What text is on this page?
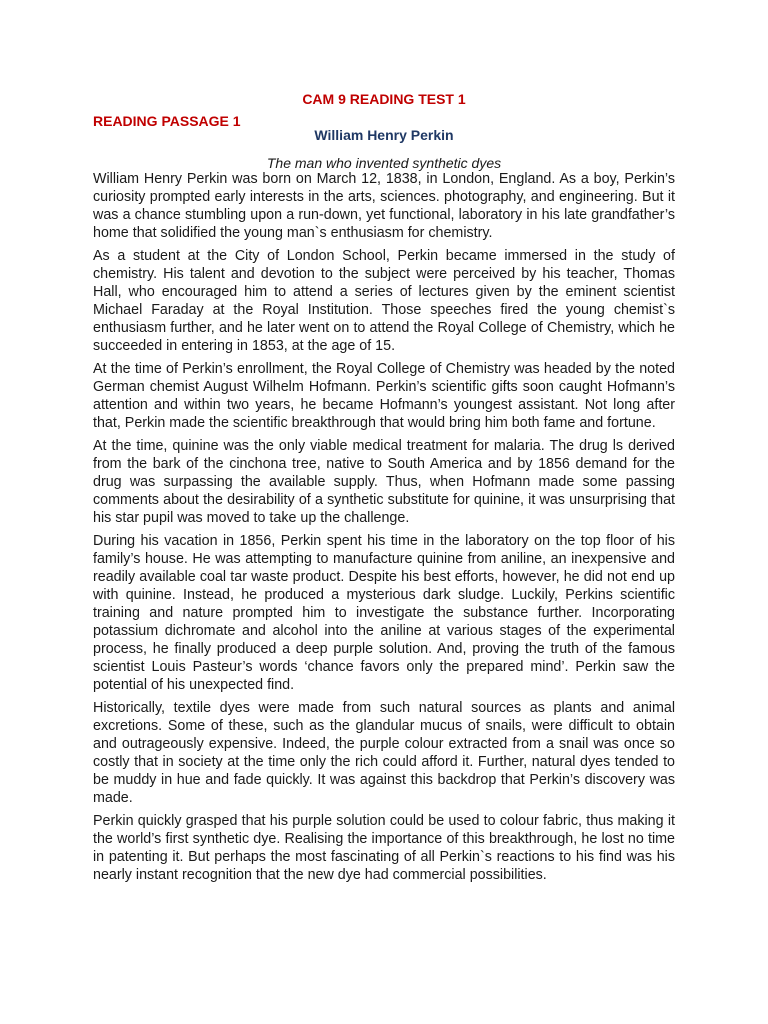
CAM 9 READING TEST 1
READING PASSAGE 1
William Henry Perkin
The man who invented synthetic dyes

William Henry Perkin was born on March 12, 1838, in London, England. As a boy, Perkin’s curiosity prompted early interests in the arts, sciences. photography, and engineering. But it was a chance stumbling upon a run-down, yet functional, laboratory in his late grandfather’s home that solidified the young man`s enthusiasm for chemistry.

As a student at the City of London School, Perkin became immersed in the study of chemistry. His talent and devotion to the subject were perceived by his teacher, Thomas Hall, who encouraged him to attend a series of lectures given by the eminent scientist Michael Faraday at the Royal Institution. Those speeches fired the young chemist`s enthusiasm further, and he later went on to attend the Royal College of Chemistry, which he succeeded in entering in 1853, at the age of 15.

At the time of Perkin’s enrollment, the Royal College of Chemistry was headed by the noted German chemist August Wilhelm Hofmann. Perkin’s scientific gifts soon caught Hofmann’s attention and within two years, he became Hofmann’s youngest assistant. Not long after that, Perkin made the scientific breakthrough that would bring him both fame and fortune.

At the time, quinine was the only viable medical treatment for malaria. The drug ls derived from the bark of the cinchona tree, native to South America and by 1856 demand for the drug was surpassing the available supply. Thus, when Hofmann made some passing comments about the desirability of a synthetic substitute for quinine, it was unsurprising that his star pupil was moved to take up the challenge.

During his vacation in 1856, Perkin spent his time in the laboratory on the top floor of his family’s house. He was attempting to manufacture quinine from aniline, an inexpensive and readily available coal tar waste product. Despite his best efforts, however, he did not end up with quinine. Instead, he produced a mysterious dark sludge. Luckily, Perkins scientific training and nature prompted him to investigate the substance further. Incorporating potassium dichromate and alcohol into the aniline at various stages of the experimental process, he finally produced a deep purple solution. And, proving the truth of the famous scientist Louis Pasteur’s words ‘chance favors only the prepared mind’. Perkin saw the potential of his unexpected find.

Historically, textile dyes were made from such natural sources as plants and animal excretions. Some of these, such as the glandular mucus of snails, were difficult to obtain and outrageously expensive. Indeed, the purple colour extracted from a snail was once so costly that in society at the time only the rich could afford it. Further, natural dyes tended to be muddy in hue and fade quickly. It was against this backdrop that Perkin’s discovery was made.

Perkin quickly grasped that his purple solution could be used to colour fabric, thus making it the world’s first synthetic dye. Realising the importance of this breakthrough, he lost no time in patenting it. But perhaps the most fascinating of all Perkin`s reactions to his find was his nearly instant recognition that the new dye had commercial possibilities.
